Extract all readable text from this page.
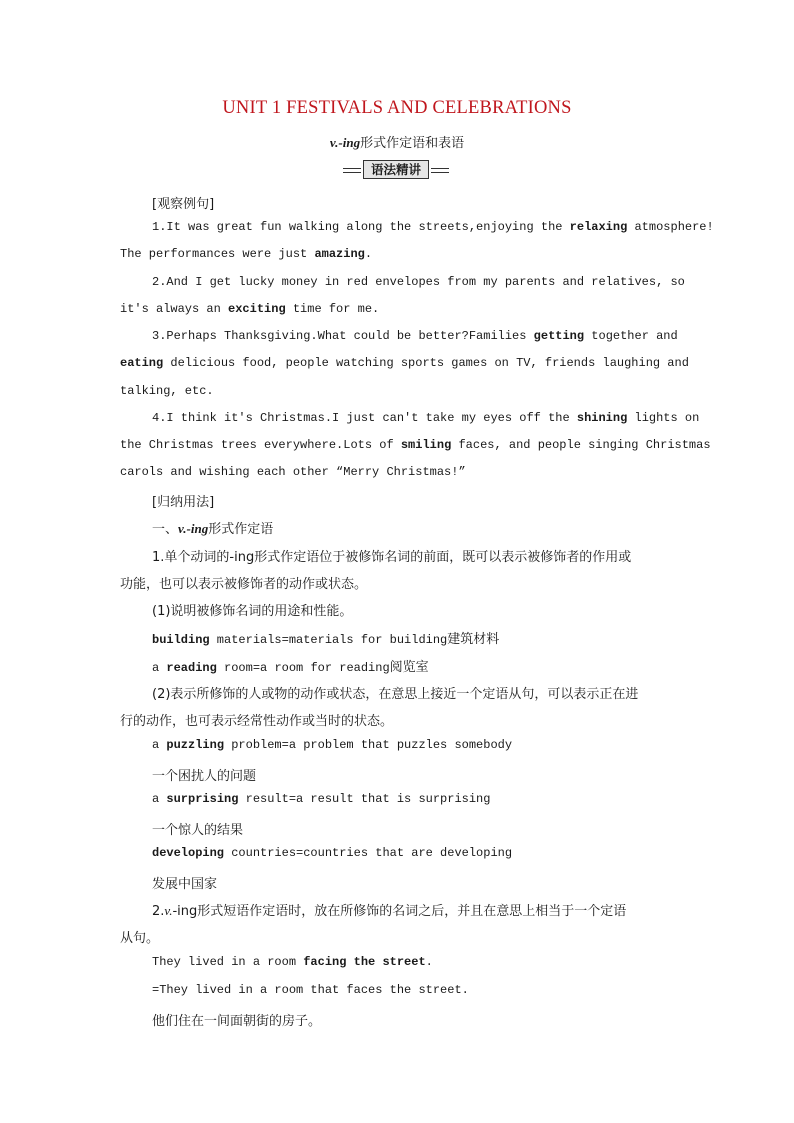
UNIT 1 FESTIVALS AND CELEBRATIONS
v.-ing形式作定语和表语
语法精讲
[观察例句]
1.It was great fun walking along the streets,enjoying the relaxing atmosphere!
The performances were just amazing.
2.And I get lucky money in red envelopes from my parents and relatives, so
it's always an exciting time for me.
3.Perhaps Thanksgiving.What could be better?Families getting together and
eating delicious food, people watching sports games on TV, friends laughing and
talking, etc.
4.I think it's Christmas.I just can't take my eyes off the shining lights on
the Christmas trees everywhere.Lots of smiling faces, and people singing Christmas
carols and wishing each other “Merry Christmas!”
[归纳用法]
一、v.-ing形式作定语
1.单个动词的-ing形式作定语位于被修饰名词的前面，既可以表示被修饰者的作用或
功能，也可以表示被修饰者的动作或状态。
(1)说明被修饰名词的用途和性能。
building materials=materials for building建筑材料
a reading room=a room for reading阅览室
(2)表示所修饰的人或物的动作或状态，在意思上接近一个定语从句，可以表示正在进
行的动作，也可表示经常性动作或当时的状态。
a puzzling problem=a problem that puzzles somebody
一个困扰人的问题
a surprising result=a result that is surprising
一个惊人的结果
developing countries=countries that are developing
发展中国家
2.v.-ing形式短语作定语时，放在所修饰的名词之后，并且在意思上相当于一个定语
从句。
They lived in a room facing the street.
=They lived in a room that faces the street.
他们住在一间面朝街的房子。
